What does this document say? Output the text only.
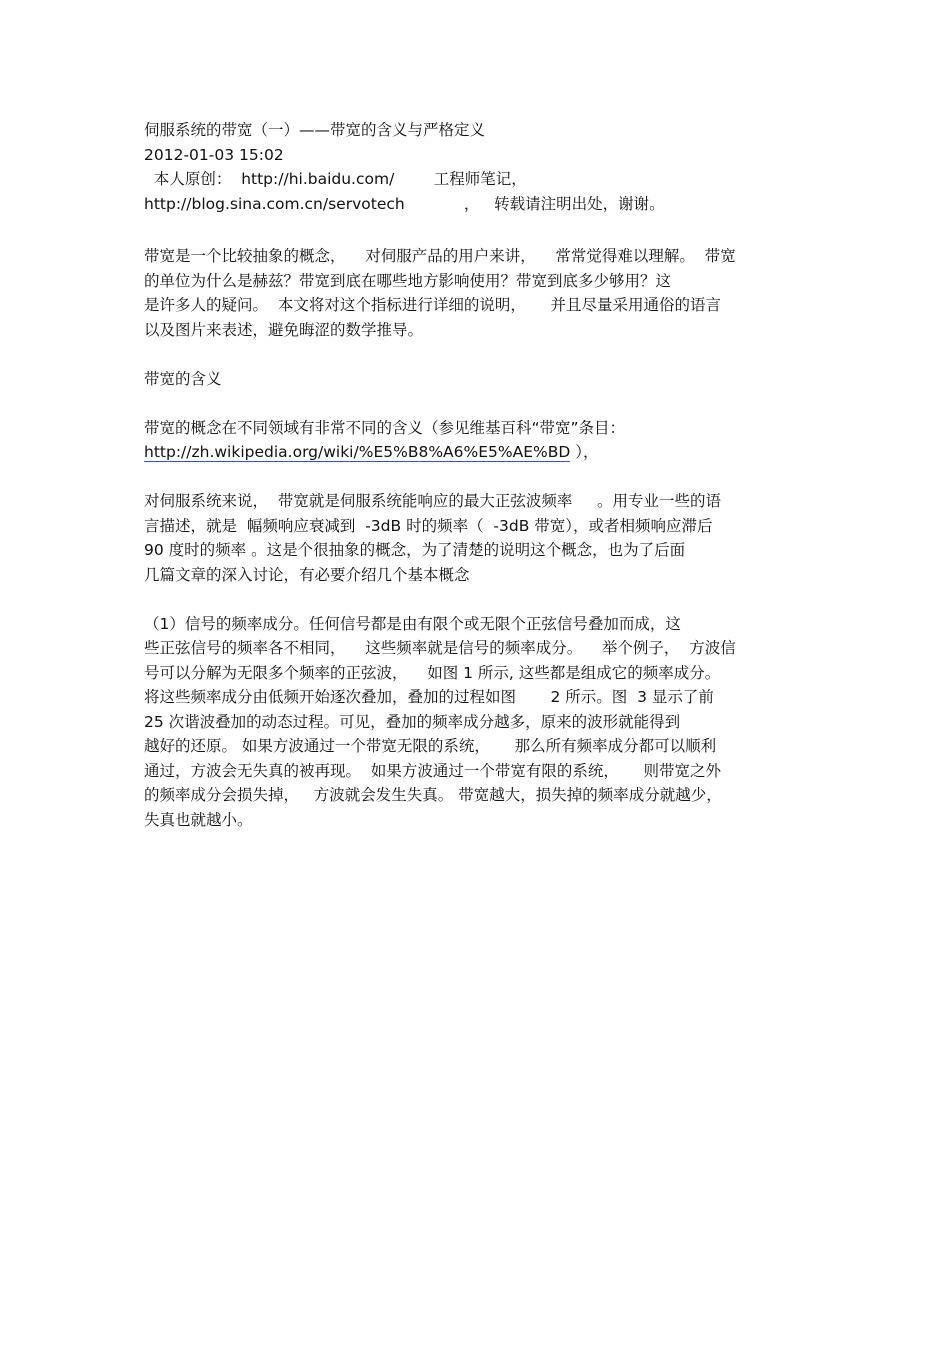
伺服系统的带宽（一）——带宽的含义与严格定义
2012-01-03 15:02
本人原创：  http://hi.baidu.com/        工程师笔记，
http://blog.sina.com.cn/servotech            ，   转载请注明出处，谢谢。
带宽是一个比较抽象的概念，    对伺服产品的用户来讲，    常常觉得难以理解。  带宽
的单位为什么是赫兹？带宽到底在哪些地方影响使用？带宽到底多少够用？这
是许多人的疑问。  本文将对这个指标进行详细的说明，     并且尽量采用通俗的语言
以及图片来表述，避免晦涩的数学推导。
带宽的含义
带宽的概念在不同领域有非常不同的含义（参见维基百科“带宽”条目：
http://zh.wikipedia.org/wiki/%E5%B8%A6%E5%AE%BD ），
对伺服系统来说，  带宽就是伺服系统能响应的最大正弦波频率     。用专业一些的语
言描述，就是  幅频响应衰减到  -3dB 时的频率（  -3dB 带宽），或者相频响应滞后
90 度时的频率 。这是个很抽象的概念，为了清楚的说明这个概念，也为了后面
几篇文章的深入讨论，有必要介绍几个基本概念
（1）信号的频率成分。任何信号都是由有限个或无限个正弦信号叠加而成，这
些正弦信号的频率各不相同，    这些频率就是信号的频率成分。    举个例子，  方波信
号可以分解为无限多个频率的正弦波，    如图 1 所示, 这些都是组成它的频率成分。
将这些频率成分由低频开始逐次叠加，叠加的过程如图       2 所示。图  3 显示了前
25 次谐波叠加的动态过程。可见，叠加的频率成分越多，原来的波形就能得到
越好的还原。 如果方波通过一个带宽无限的系统，     那么所有频率成分都可以顺利
通过，方波会无失真的被再现。  如果方波通过一个带宽有限的系统，     则带宽之外
的频率成分会损失掉，   方波就会发生失真。 带宽越大，损失掉的频率成分就越少，
失真也就越小。
